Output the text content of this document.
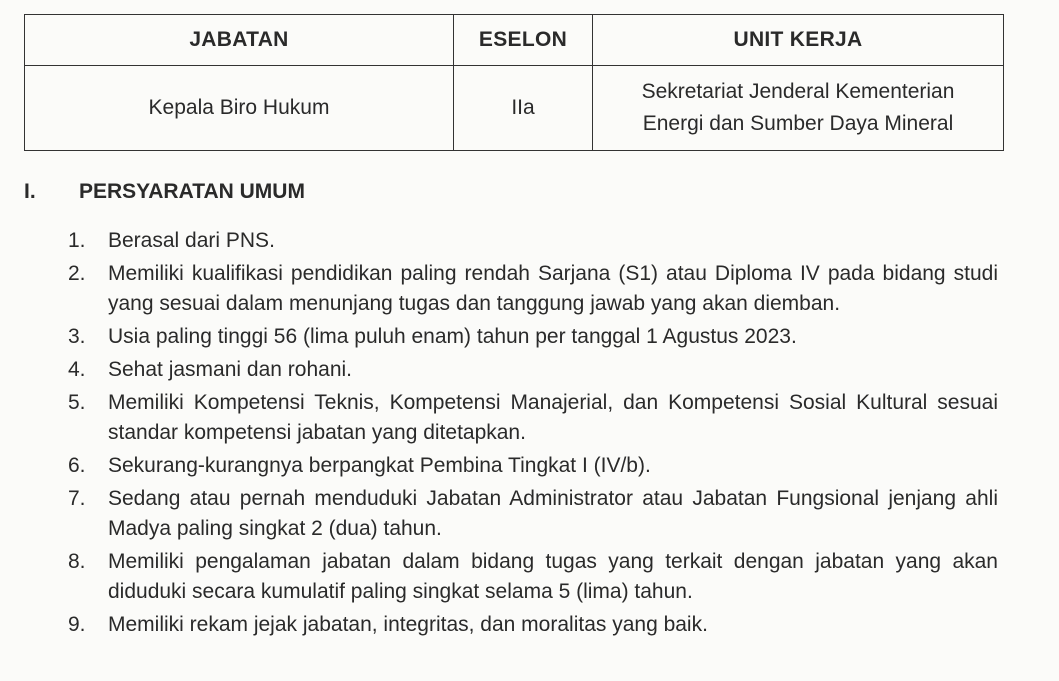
JABATAN	ESELON	UNIT KERJA
Kepala Biro Hukum	IIa	Sekretariat Jenderal Kementerian
Energi dan Sumber Daya Mineral
I. PERSYARATAN UMUM
1.	Berasal dari PNS.
2.	Memiliki kualifikasi pendidikan paling rendah Sarjana (S1) atau Diploma IV pada bidang studi yang sesuai dalam menunjang tugas dan tanggung jawab yang akan diemban.
3.	Usia paling tinggi 56 (lima puluh enam) tahun per tanggal 1 Agustus 2023.
4.	Sehat jasmani dan rohani.
5.	Memiliki Kompetensi Teknis, Kompetensi Manajerial, dan Kompetensi Sosial Kultural sesuai standar kompetensi jabatan yang ditetapkan.
6.	Sekurang-kurangnya berpangkat Pembina Tingkat I (IV/b).
7.	Sedang atau pernah menduduki Jabatan Administrator atau Jabatan Fungsional jenjang ahli Madya paling singkat 2 (dua) tahun.
8.	Memiliki pengalaman jabatan dalam bidang tugas yang terkait dengan jabatan yang akan diduduki secara kumulatif paling singkat selama 5 (lima) tahun.
9.	Memiliki rekam jejak jabatan, integritas, dan moralitas yang baik.
